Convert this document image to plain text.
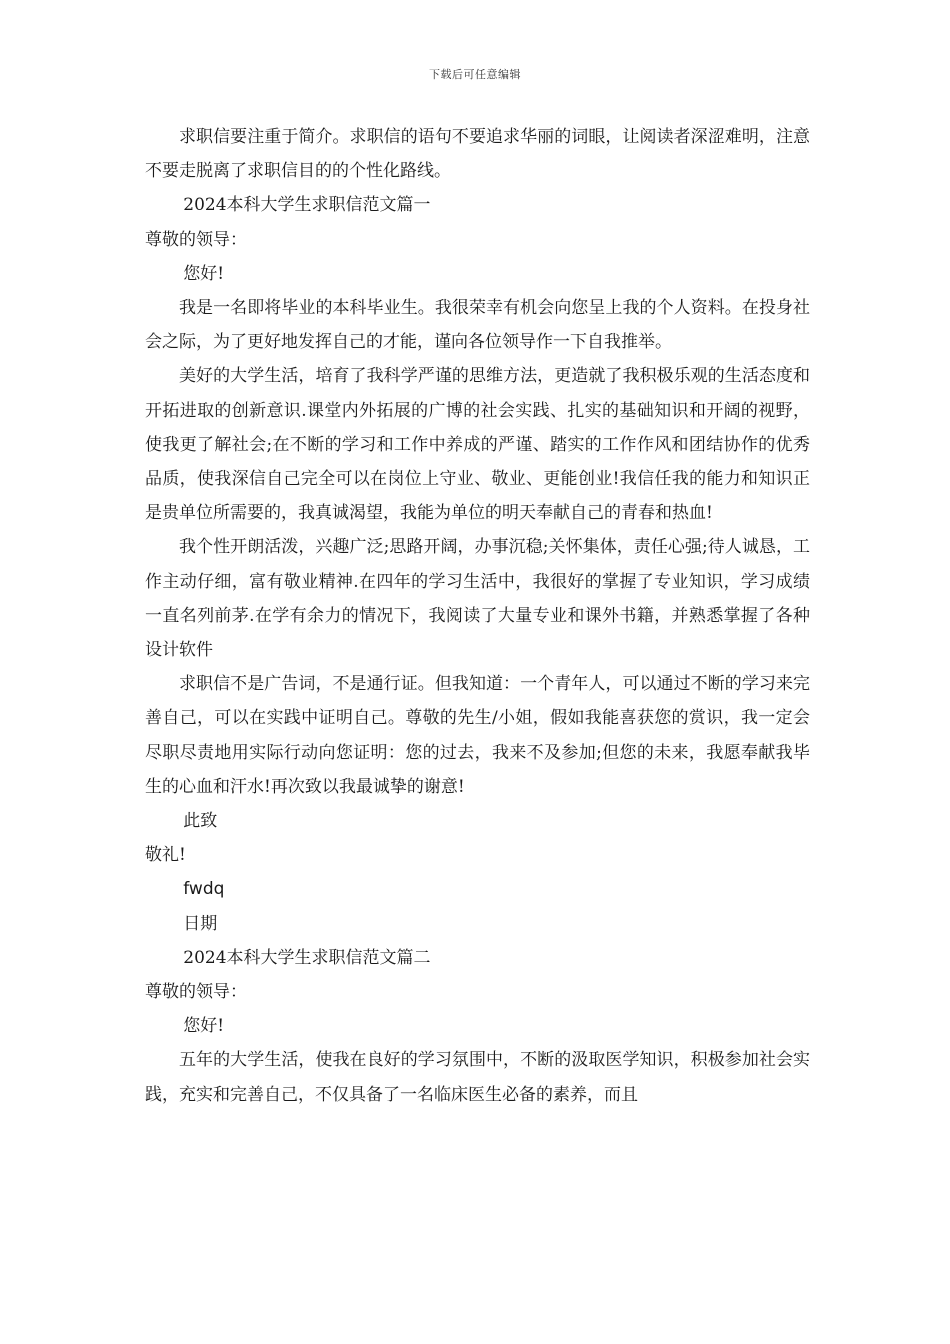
下载后可任意编辑

求职信要注重于简介。求职信的语句不要追求华丽的词眼，让阅读者深涩难明，注意不要走脱离了求职信目的的个性化路线。

2024本科大学生求职信范文篇一

尊敬的领导：

您好!

我是一名即将毕业的本科毕业生。我很荣幸有机会向您呈上我的个人资料。在投身社会之际，为了更好地发挥自己的才能，谨向各位领导作一下自我推举。

美好的大学生活，培育了我科学严谨的思维方法，更造就了我积极乐观的生活态度和开拓进取的创新意识.课堂内外拓展的广博的社会实践、扎实的基础知识和开阔的视野，使我更了解社会;在不断的学习和工作中养成的严谨、踏实的工作作风和团结协作的优秀品质，使我深信自己完全可以在岗位上守业、敬业、更能创业!我信任我的能力和知识正是贵单位所需要的，我真诚渴望，我能为单位的明天奉献自己的青春和热血!

我个性开朗活泼，兴趣广泛;思路开阔，办事沉稳;关怀集体，责任心强;待人诚恳，工作主动仔细，富有敬业精神.在四年的学习生活中，我很好的掌握了专业知识，学习成绩一直名列前茅.在学有余力的情况下，我阅读了大量专业和课外书籍，并熟悉掌握了各种设计软件

求职信不是广告词，不是通行证。但我知道：一个青年人，可以通过不断的学习来完善自己，可以在实践中证明自己。尊敬的先生/小姐，假如我能喜获您的赏识，我一定会尽职尽责地用实际行动向您证明：您的过去，我来不及参加;但您的未来，我愿奉献我毕生的心血和汗水!再次致以我最诚挚的谢意!

此致

敬礼!

fwdq

日期

2024本科大学生求职信范文篇二

尊敬的领导：

您好!

五年的大学生活，使我在良好的学习氛围中，不断的汲取医学知识，积极参加社会实践，充实和完善自己，不仅具备了一名临床医生必备的素养，而且
